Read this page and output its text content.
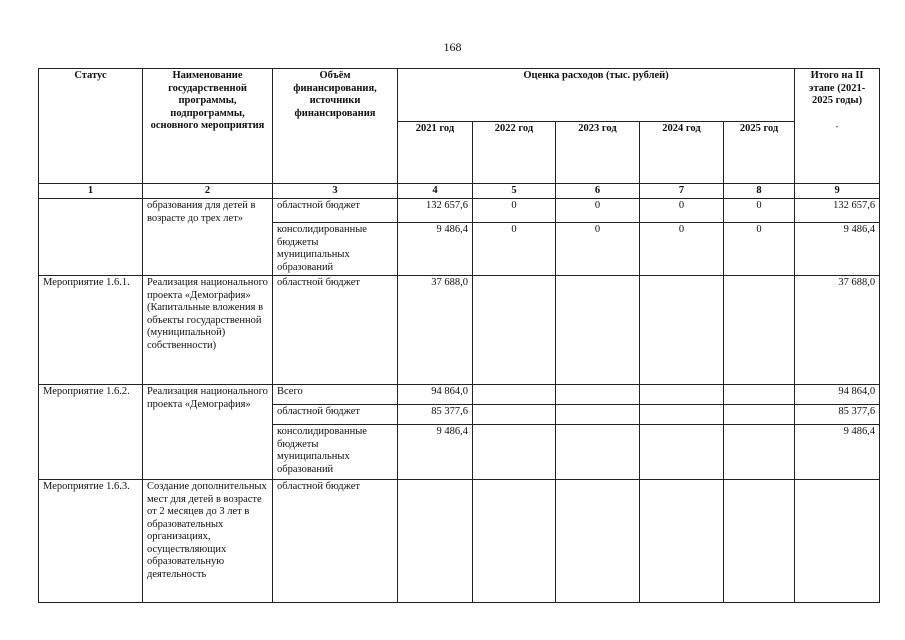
168
Статус	Наименование государственной программы, подпрограммы, основного мероприятия	Объём финансирования, источники финансирования	Оценка расходов (тыс. рублей)					Итого на II этапе (2021-2025 годы)
·

			2021 год	2022 год	2023 год	2024 год	2025 год	
1	2	3	4	5	6	7	8	9
	образования для детей в возрасте до трех лет»	областной бюджет	132 657,6	0	0	0	0	132 657,6
		консолидированные бюджеты муниципальных образований	9 486,4	0	0	0	0	9 486,4
Мероприятие 1.6.1.	Реализация национального проекта «Демография» (Капитальные вложения в объекты государственной (муниципальной) собственности)	областной бюджет	37 688,0					37 688,0
Мероприятие 1.6.2.	Реализация национального проекта «Демография»	Всего	94 864,0					94 864,0
		областной бюджет	85 377,6					85 377,6
		консолидированные бюджеты муниципальных образований	9 486,4					9 486,4
Мероприятие 1.6.3.	Создание дополнительных мест для детей в возрасте от 2 месяцев до 3 лет в образовательных организациях, осуществляющих образовательную деятельность	областной бюджет						
